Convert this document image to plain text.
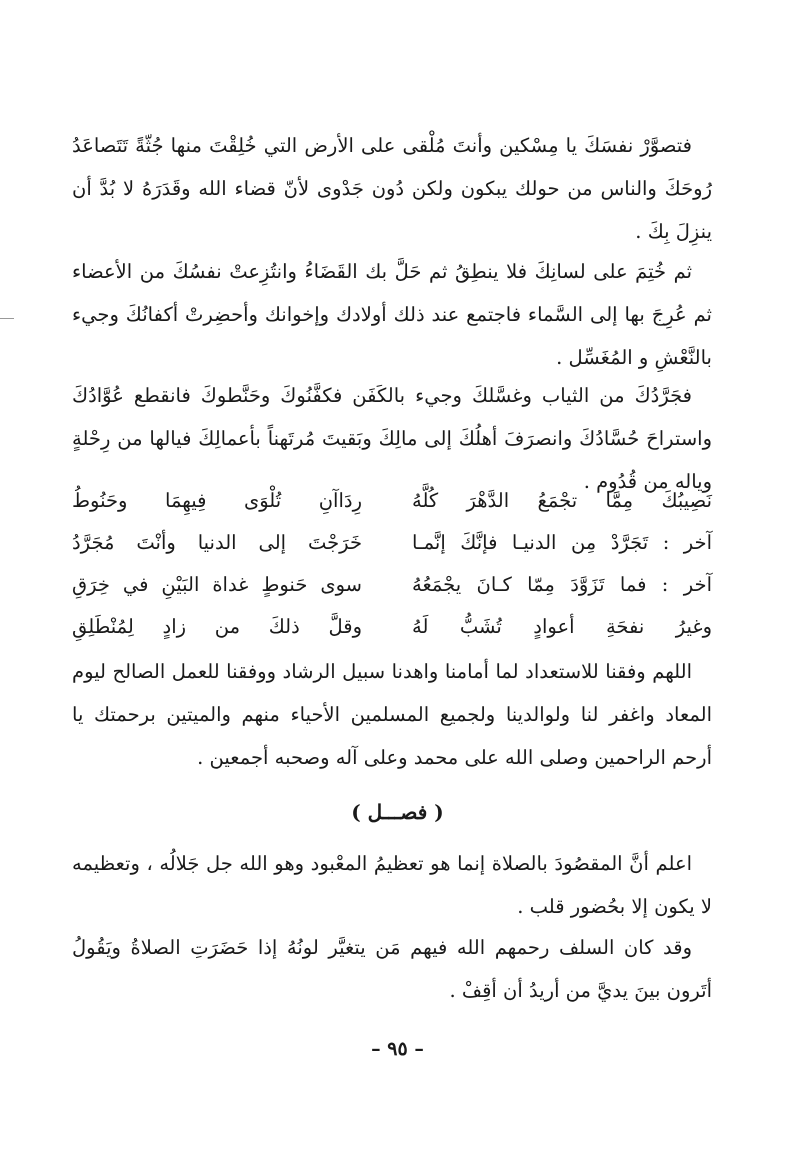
فتصوَّرْ نفسَكَ يا مِسْكين وأنتَ مُلْقى على الأرض التي خُلِقْتَ منها جُثّةً تَتَصاعَدُ رُوحَكَ والناس من حولك يبكون ولكن دُون جَدْوى لأنّ قضاء الله وقَدَرَهُ لا بُدَّ أن ينزِلَ بِكَ .

ثم خُتِمَ على لسانِكَ فلا ينطِقُ ثم حَلَّ بك القَضَاءُ وانتُزِعتْ نفسُكَ من الأعضاء ثم عُرِجَ بها إلى السَّماء فاجتمع عند ذلك أولادك وإخوانك وأحضِرتْ أكفانُكَ وجيء بالنَّعْشِ و المُغَسِّل .

فجَرَّدُكَ من الثياب وغسَّلكَ وجيء بالكَفَن فكفَّنُوكَ وحَنَّطوكَ فانقطع عُوَّادُكَ واستراحَ حُسَّادُكَ وانصرَفَ أهلُكَ إلى مالِكَ وبَقيتَ مُرتَهناً بأعمالِكَ فيالها من رِحْلةٍ وياله من قُدُوم .

نَصِيبُكَ مِمَّا تجْمَعُ الدَّهْرَ كُلَّهُ
رِدَاآنِ تُلْوَى فِيهِمَا وحَنُوطُ
آخر : تَجَرَّدْ مِن الدنيـا فإنَّكَ إنَّمـا
خَرَجْتَ إلى الدنيا وأنْتَ مُجَرَّدُ
آخر : فما تَزَوَّدَ مِمّا كـانَ يجْمَعُهُ
سوى حَنوطٍ غداة البَيْنِ في خِرَقِ
وغيرُ نفحَةِ أعوادٍ تُشَبُّ لَهُ
وقلَّ ذلكَ من زادٍ لِمُنْطَلِقِ

اللهم وفقنا للاستعداد لما أمامنا واهدنا سبيل الرشاد ووفقنا للعمل الصالح ليوم المعاد واغفر لنا ولوالدينا ولجميع المسلمين الأحياء منهم والميتين برحمتك يا أرحم الراحمين وصلى الله على محمد وعلى آله وصحبه أجمعين .

( فصـــل )

اعلم أنَّ المقصُودَ بالصلاة إنما هو تعظيمُ المعْبود وهو الله جل جَلالُه ، وتعظيمه لا يكون إلا بحُضور قلب .

وقد كان السلف رحمهم الله فيهم مَن يتغيَّر لونُهُ إذا حَضَرَتِ الصلاةُ ويَقُولُ أتَرون بينَ يديَّ من أريدُ أن أقِفْ .

– ٩٥ –
